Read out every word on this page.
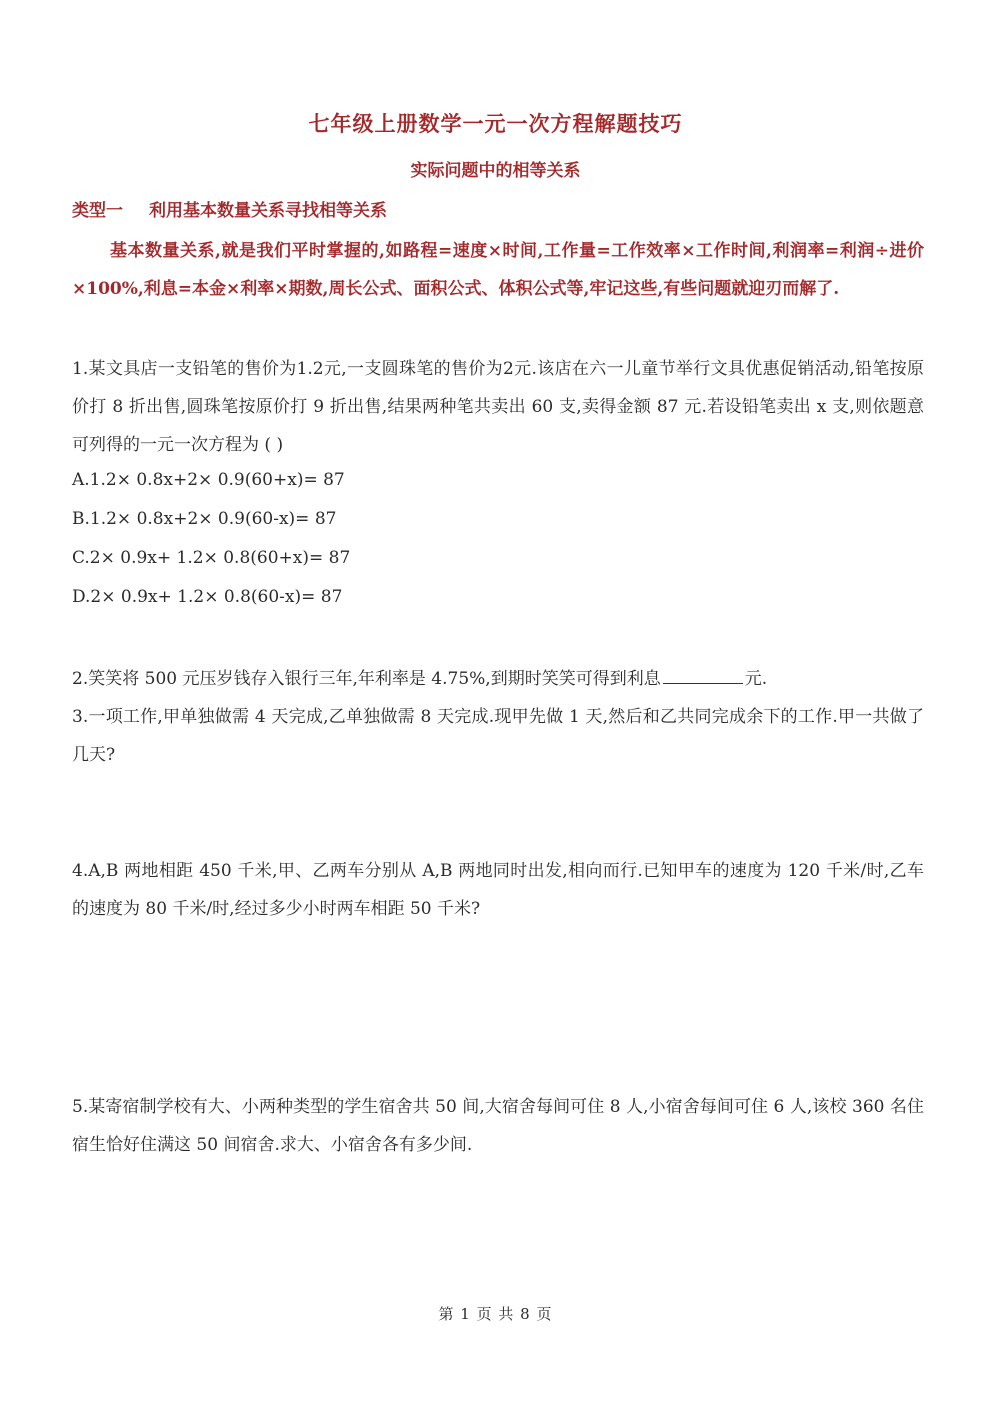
七年级上册数学一元一次方程解题技巧
实际问题中的相等关系
类型一 利用基本数量关系寻找相等关系
基本数量关系,就是我们平时掌握的,如路程=速度×时间,工作量=工作效率×工作时间,利润率=利润÷进价×100%,利息=本金×利率×期数,周长公式、面积公式、体积公式等,牢记这些,有些问题就迎刃而解了.
1.某文具店一支铅笔的售价为1.2元,一支圆珠笔的售价为2元.该店在六一儿童节举行文具优惠促销活动,铅笔按原价打 8 折出售,圆珠笔按原价打 9 折出售,结果两种笔共卖出 60 支,卖得金额 87 元.若设铅笔卖出 x 支,则依题意可列得的一元一次方程为 ( )
A.1.2× 0.8x+2× 0.9(60+x)= 87
B.1.2× 0.8x+2× 0.9(60-x)= 87
C.2× 0.9x+ 1.2× 0.8(60+x)= 87
D.2× 0.9x+ 1.2× 0.8(60-x)= 87
2.笑笑将 500 元压岁钱存入银行三年,年利率是 4.75%,到期时笑笑可得到利息	元.
3.一项工作,甲单独做需 4 天完成,乙单独做需 8 天完成.现甲先做 1 天,然后和乙共同完成余下的工作.甲一共做了几天?
4.A,B 两地相距 450 千米,甲、乙两车分别从 A,B 两地同时出发,相向而行.已知甲车的速度为 120 千米/时,乙车的速度为 80 千米/时,经过多少小时两车相距 50 千米?
5.某寄宿制学校有大、小两种类型的学生宿舍共 50 间,大宿舍每间可住 8 人,小宿舍每间可住 6 人,该校 360 名住宿生恰好住满这 50 间宿舍.求大、小宿舍各有多少间.
第 1 页 共 8 页
